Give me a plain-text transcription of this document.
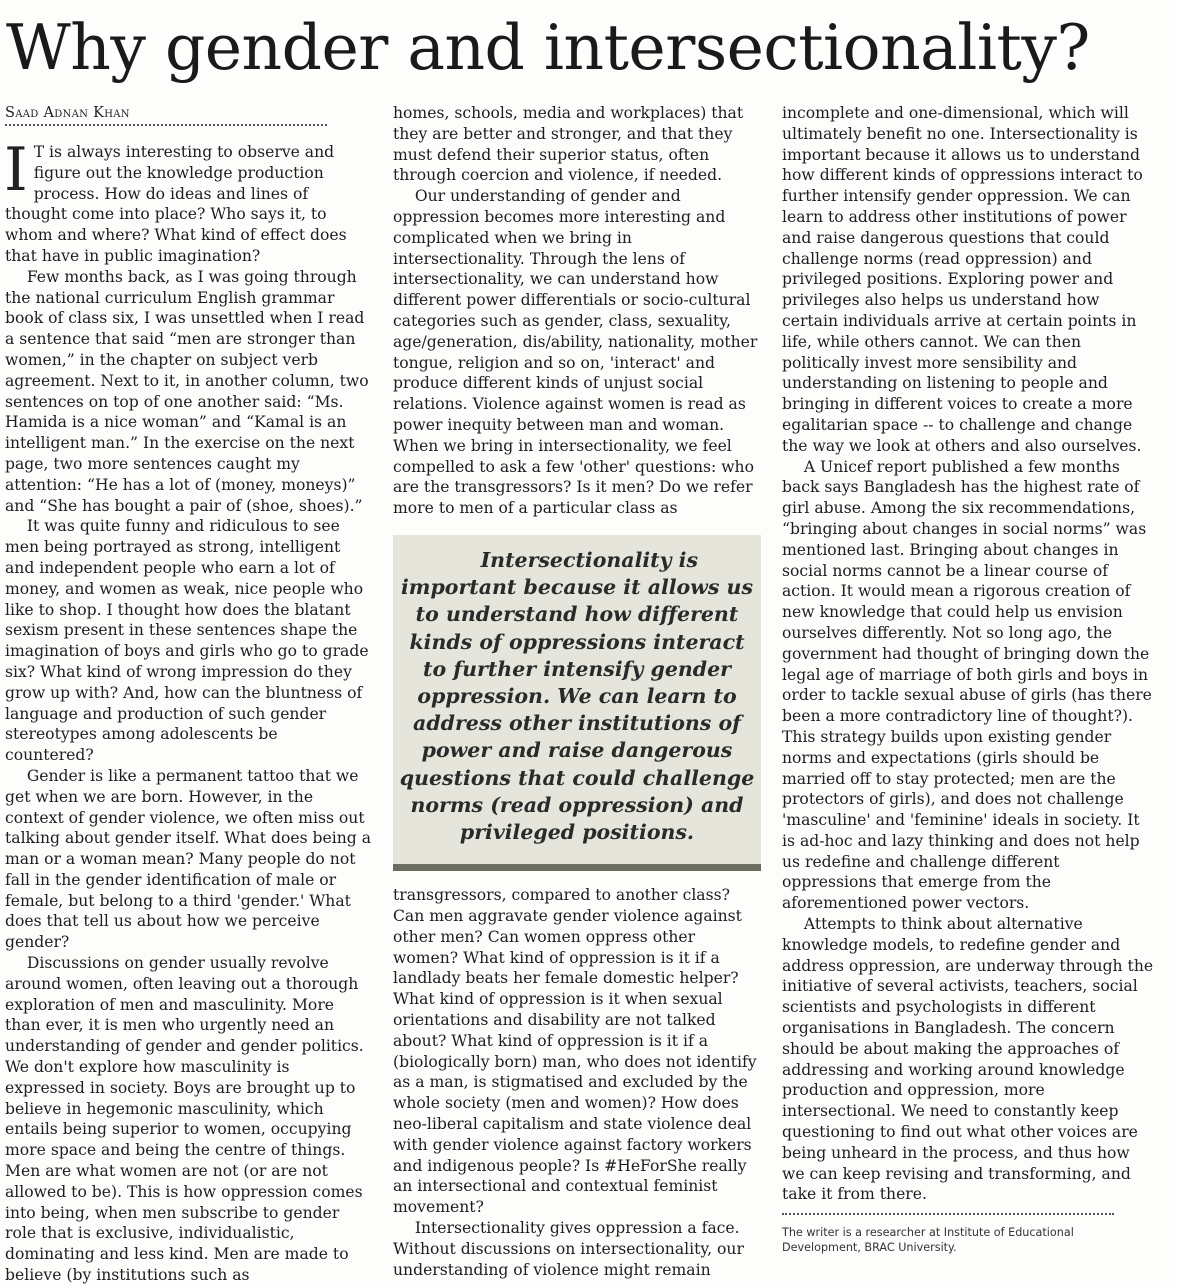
Why gender and intersectionality?
Saad Adnan Khan

I T is always interesting to observe and figure out the knowledge production process. How do ideas and lines of thought come into place? Who says it, to whom and where? What kind of effect does that have in public imagination?

Few months back, as I was going through the national curriculum English grammar book of class six, I was unsettled when I read a sentence that said “men are stronger than women,” in the chapter on subject verb agreement. Next to it, in another column, two sentences on top of one another said: “Ms. Hamida is a nice woman” and “Kamal is an intelligent man.” In the exercise on the next page, two more sentences caught my attention: “He has a lot of (money, moneys)” and “She has bought a pair of (shoe, shoes).”

It was quite funny and ridiculous to see men being portrayed as strong, intelligent and independent people who earn a lot of money, and women as weak, nice people who like to shop. I thought how does the blatant sexism present in these sentences shape the imagination of boys and girls who go to grade six? What kind of wrong impression do they grow up with? And, how can the bluntness of language and production of such gender stereotypes among adolescents be countered?

Gender is like a permanent tattoo that we get when we are born. However, in the context of gender violence, we often miss out talking about gender itself. What does being a man or a woman mean? Many people do not fall in the gender identification of male or female, but belong to a third 'gender.' What does that tell us about how we perceive gender?

Discussions on gender usually revolve around women, often leaving out a thorough exploration of men and masculinity. More than ever, it is men who urgently need an understanding of gender and gender politics. We don't explore how masculinity is expressed in society. Boys are brought up to believe in hegemonic masculinity, which entails being superior to women, occupying more space and being the centre of things. Men are what women are not (or are not allowed to be). This is how oppression comes into being, when men subscribe to gender role that is exclusive, individualistic, dominating and less kind. Men are made to believe (by institutions such as

homes, schools, media and workplaces) that they are better and stronger, and that they must defend their superior status, often through coercion and violence, if needed.

Our understanding of gender and oppression becomes more interesting and complicated when we bring in intersectionality. Through the lens of intersectionality, we can understand how different power differentials or socio-cultural categories such as gender, class, sexuality, age/generation, dis/ability, nationality, mother tongue, religion and so on, 'interact' and produce different kinds of unjust social relations. Violence against women is read as power inequity between man and woman. When we bring in intersectionality, we feel compelled to ask a few 'other' questions: who are the transgressors? Is it men? Do we refer more to men of a particular class as

Intersectionality is important because it allows us to understand how different kinds of oppressions interact to further intensify gender oppression. We can learn to address other institutions of power and raise dangerous questions that could challenge norms (read oppression) and privileged positions.

transgressors, compared to another class? Can men aggravate gender violence against other men? Can women oppress other women? What kind of oppression is it if a landlady beats her female domestic helper? What kind of oppression is it when sexual orientations and disability are not talked about? What kind of oppression is it if a (biologically born) man, who does not identify as a man, is stigmatised and excluded by the whole society (men and women)? How does neo-liberal capitalism and state violence deal with gender violence against factory workers and indigenous people? Is #HeForShe really an intersectional and contextual feminist movement?

Intersectionality gives oppression a face. Without discussions on intersectionality, our understanding of violence might remain

incomplete and one-dimensional, which will ultimately benefit no one. Intersectionality is important because it allows us to understand how different kinds of oppressions interact to further intensify gender oppression. We can learn to address other institutions of power and raise dangerous questions that could challenge norms (read oppression) and privileged positions. Exploring power and privileges also helps us understand how certain individuals arrive at certain points in life, while others cannot. We can then politically invest more sensibility and understanding on listening to people and bringing in different voices to create a more egalitarian space -- to challenge and change the way we look at others and also ourselves.

A Unicef report published a few months back says Bangladesh has the highest rate of girl abuse. Among the six recommendations, “bringing about changes in social norms” was mentioned last. Bringing about changes in social norms cannot be a linear course of action. It would mean a rigorous creation of new knowledge that could help us envision ourselves differently. Not so long ago, the government had thought of bringing down the legal age of marriage of both girls and boys in order to tackle sexual abuse of girls (has there been a more contradictory line of thought?). This strategy builds upon existing gender norms and expectations (girls should be married off to stay protected; men are the protectors of girls), and does not challenge 'masculine' and 'feminine' ideals in society. It is ad-hoc and lazy thinking and does not help us redefine and challenge different oppressions that emerge from the aforementioned power vectors.

Attempts to think about alternative knowledge models, to redefine gender and address oppression, are underway through the initiative of several activists, teachers, social scientists and psychologists in different organisations in Bangladesh. The concern should be about making the approaches of addressing and working around knowledge production and oppression, more intersectional. We need to constantly keep questioning to find out what other voices are being unheard in the process, and thus how we can keep revising and transforming, and take it from there.

The writer is a researcher at Institute of Educational Development, BRAC University.
